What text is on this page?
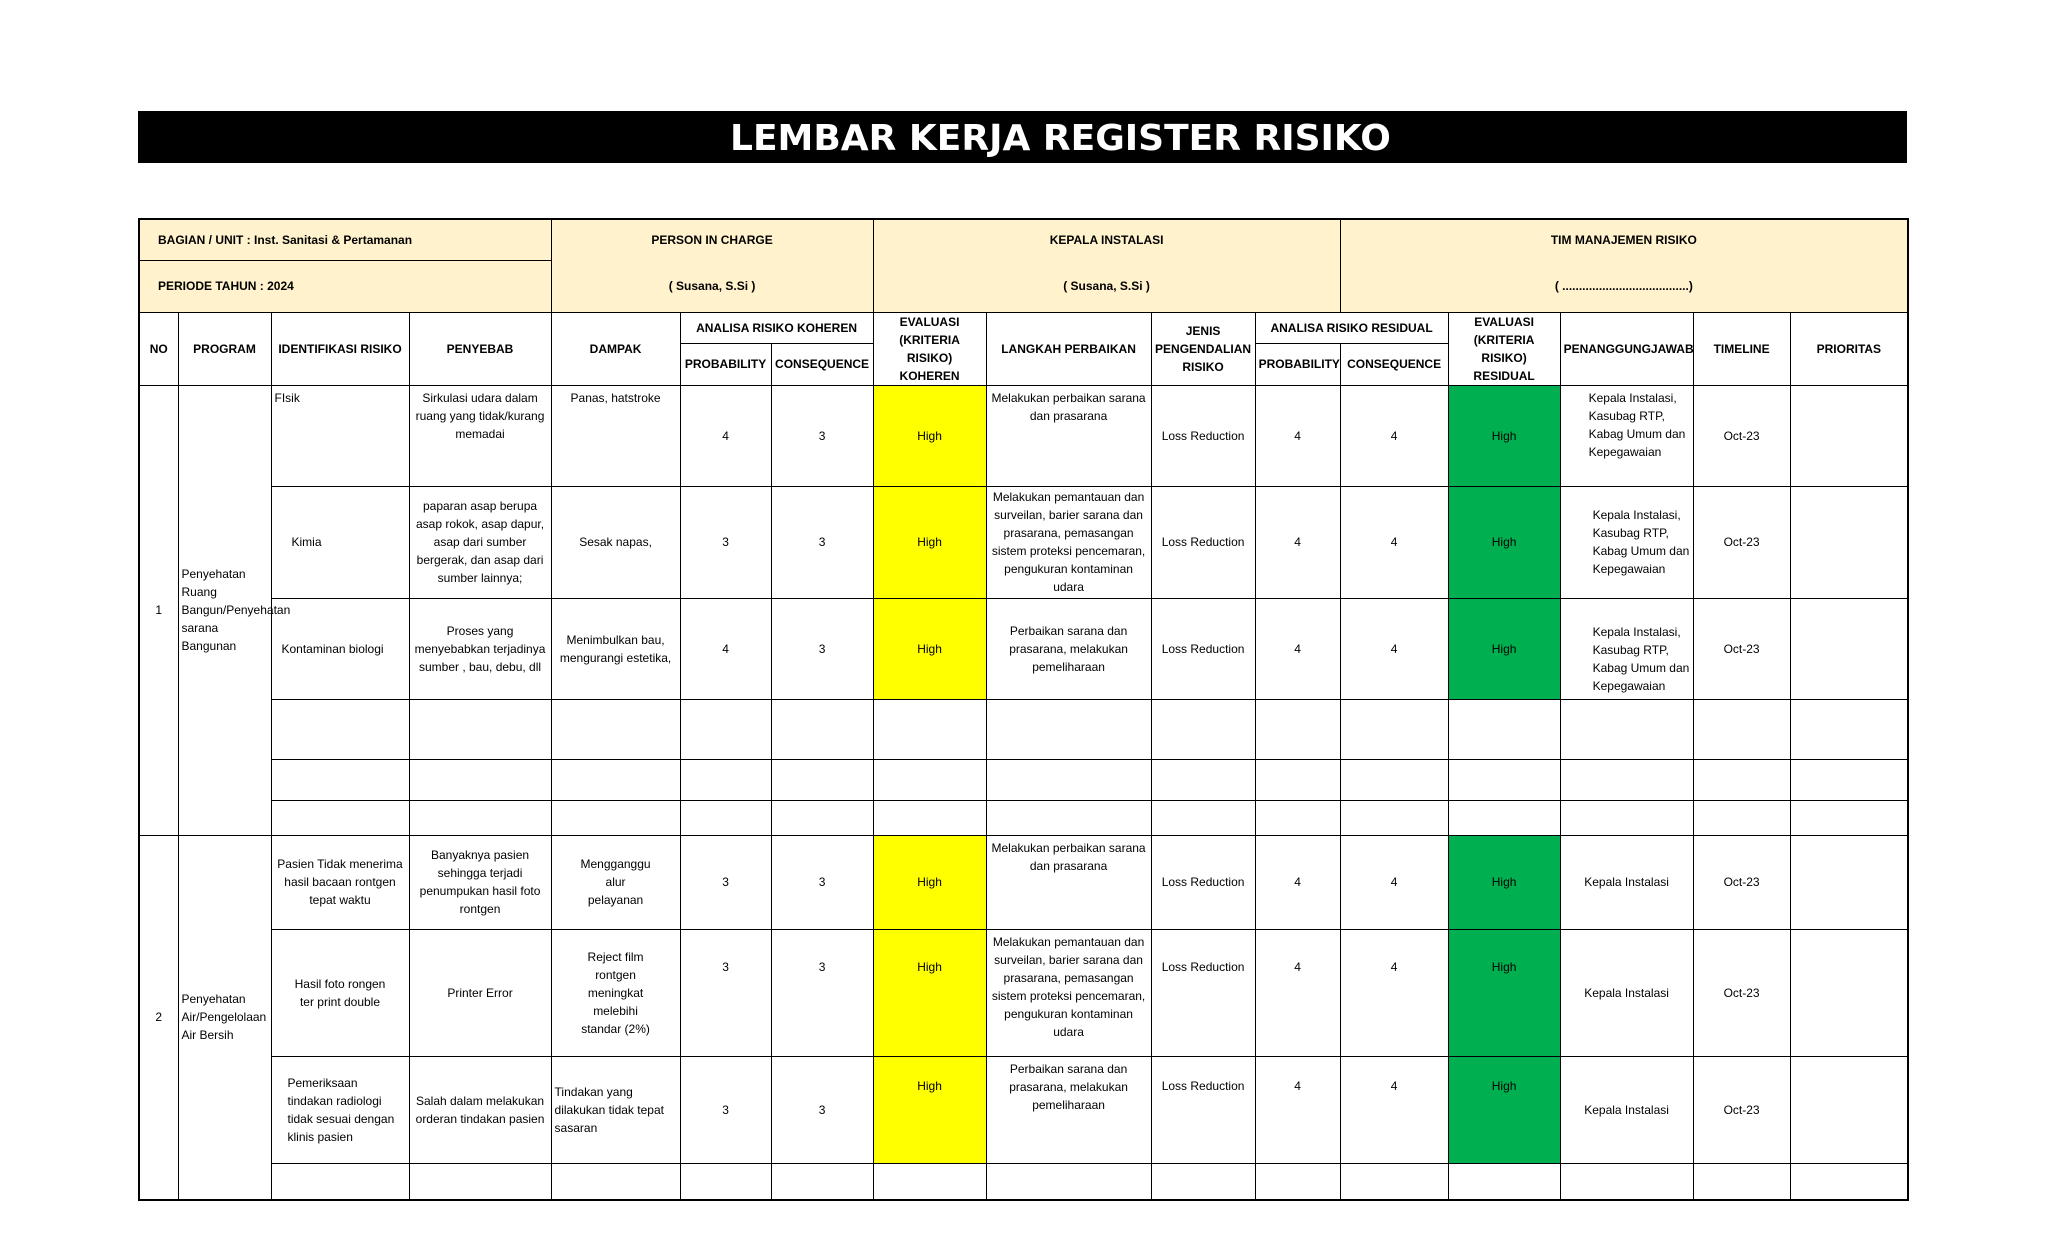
LEMBAR KERJA REGISTER RISIKO
BAGIAN / UNIT : Inst. Sanitasi & Pertamanan				PERSON IN CHARGE			KEPALA INSTALASI				TIM MANAJEMEN RISIKO				
PERIODE TAHUN : 2024				( Susana, S.Si )			( Susana, S.Si )				( ......................................)				
NO	PROGRAM	IDENTIFIKASI RISIKO	PENYEBAB	DAMPAK	ANALISA RISIKO KOHEREN		EVALUASI (KRITERIA RISIKO) KOHEREN	LANGKAH PERBAIKAN	JENIS PENGENDALIAN RISIKO	ANALISA RISIKO RESIDUAL		EVALUASI (KRITERIA RISIKO) RESIDUAL	PENANGGUNGJAWAB	TIMELINE	PRIORITAS
					PROBABILITY	CONSEQUENCE				PROBABILITY	CONSEQUENCE				
1	Penyehatan Ruang Bangun/Penyehatan sarana Bangunan	FIsik	Sirkulasi udara dalam ruang yang tidak/kurang memadai	Panas, hatstroke	4	3	High	Melakukan perbaikan sarana dan prasarana	Loss Reduction	4	4	High	Kepala Instalasi, Kasubag RTP, Kabag Umum dan Kepegawaian	Oct-23	
		Kimia	paparan asap berupa asap rokok, asap dapur, asap dari sumber bergerak, dan asap dari sumber lainnya;	Sesak napas,	3	3	High	Melakukan pemantauan dan surveilan, barier sarana dan prasarana, pemasangan sistem proteksi pencemaran, pengukuran kontaminan udara	Loss Reduction	4	4	High	Kepala Instalasi, Kasubag RTP, Kabag Umum dan Kepegawaian	Oct-23	
		Kontaminan biologi	Proses yang menyebabkan terjadinya sumber , bau, debu, dll	Menimbulkan bau, mengurangi estetika,	4	3	High	Perbaikan sarana dan prasarana, melakukan pemeliharaan	Loss Reduction	4	4	High	Kepala Instalasi, Kasubag RTP, Kabag Umum dan Kepegawaian	Oct-23	

2	Penyehatan Air/Pengelolaan Air Bersih	Pasien Tidak menerima hasil bacaan rontgen tepat waktu	Banyaknya pasien sehingga terjadi penumpukan hasil foto rontgen	Mengganggu alur pelayanan	3	3	High	Melakukan perbaikan sarana dan prasarana	Loss Reduction	4	4	High	Kepala Instalasi	Oct-23	
		Hasil foto rongen ter print double	Printer Error	Reject film rontgen meningkat melebihi standar (2%)	3	3	High	Melakukan pemantauan dan surveilan, barier sarana dan prasarana, pemasangan sistem proteksi pencemaran, pengukuran kontaminan udara	Loss Reduction	4	4	High	Kepala Instalasi	Oct-23	
		Pemeriksaan tindakan radiologi tidak sesuai dengan klinis pasien	Salah dalam melakukan orderan tindakan pasien	Tindakan yang dilakukan tidak tepat sasaran	3	3	High	Perbaikan sarana dan prasarana, melakukan pemeliharaan	Loss Reduction	4	4	High	Kepala Instalasi	Oct-23	
